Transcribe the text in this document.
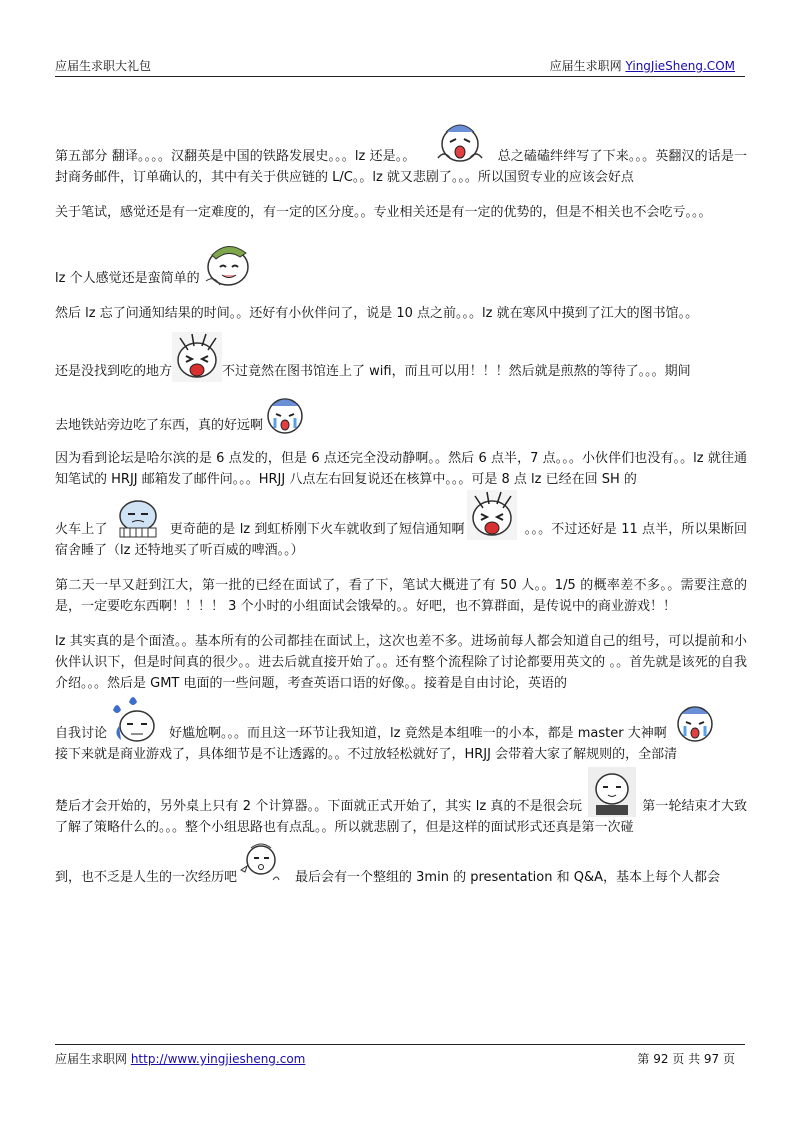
应届生求职大礼包	应届生求职网 YingJieSheng.COM

第五部分 翻译。。。。汉翻英是中国的铁路发展史。。。lz 还是。。	总之磕磕绊绊写了下来。。。英翻汉的话是一封商务邮件，订单确认的，其中有关于供应链的 L/C。。lz 就又悲剧了。。。所以国贸专业的应该会好点

关于笔试，感觉还是有一定难度的，有一定的区分度。。专业相关还是有一定的优势的，但是不相关也不会吃亏。。。

lz 个人感觉还是蛮简单的

然后 lz 忘了问通知结果的时间。。还好有小伙伴问了，说是 10 点之前。。。lz 就在寒风中摸到了江大的图书馆。。

还是没找到吃的地方	不过竟然在图书馆连上了 wifi，而且可以用！！！然后就是煎熬的等待了。。。期间

去地铁站旁边吃了东西，真的好远啊

因为看到论坛是哈尔滨的是 6 点发的，但是 6 点还完全没动静啊。。然后 6 点半，7 点。。。小伙伴们也没有。。lz 就往通知笔试的 HRJJ 邮箱发了邮件问。。。HRJJ 八点左右回复说还在核算中。。。可是 8 点 lz 已经在回 SH 的

火车上了	更奇葩的是 lz 到虹桥刚下火车就收到了短信通知啊	。。。不过还好是 11 点半，所以果断回宿舍睡了（lz 还特地买了听百威的啤酒。。）

第二天一早又赶到江大，第一批的已经在面试了，看了下，笔试大概进了有 50 人。。1/5 的概率差不多。。需要注意的是，一定要吃东西啊！！！！ 3 个小时的小组面试会饿晕的。。好吧，也不算群面，是传说中的商业游戏！！

lz 其实真的是个面渣。。基本所有的公司都挂在面试上，这次也差不多。进场前每人都会知道自己的组号，可以提前和小伙伴认识下，但是时间真的很少。。进去后就直接开始了。。还有整个流程除了讨论都要用英文的 。。首先就是该死的自我介绍。。。然后是 GMT 电面的一些问题，考查英语口语的好像。。接着是自由讨论，英语的

自我讨论	好尴尬啊。。。而且这一环节让我知道，lz 竟然是本组唯一的小本，都是 master 大神啊

接下来就是商业游戏了，具体细节是不让透露的。。不过放轻松就好了，HRJJ 会带着大家了解规则的，全部清

楚后才会开始的，另外桌上只有 2 个计算器。。下面就正式开始了，其实 lz 真的不是很会玩	第一轮结束才大致了解了策略什么的。。。整个小组思路也有点乱。。所以就悲剧了，但是这样的面试形式还真是第一次碰

到，也不乏是人生的一次经历吧	最后会有一个整组的 3min 的 presentation 和 Q&A，基本上每个人都会

应届生求职网 http://www.yingjiesheng.com	第 92 页 共 97 页
